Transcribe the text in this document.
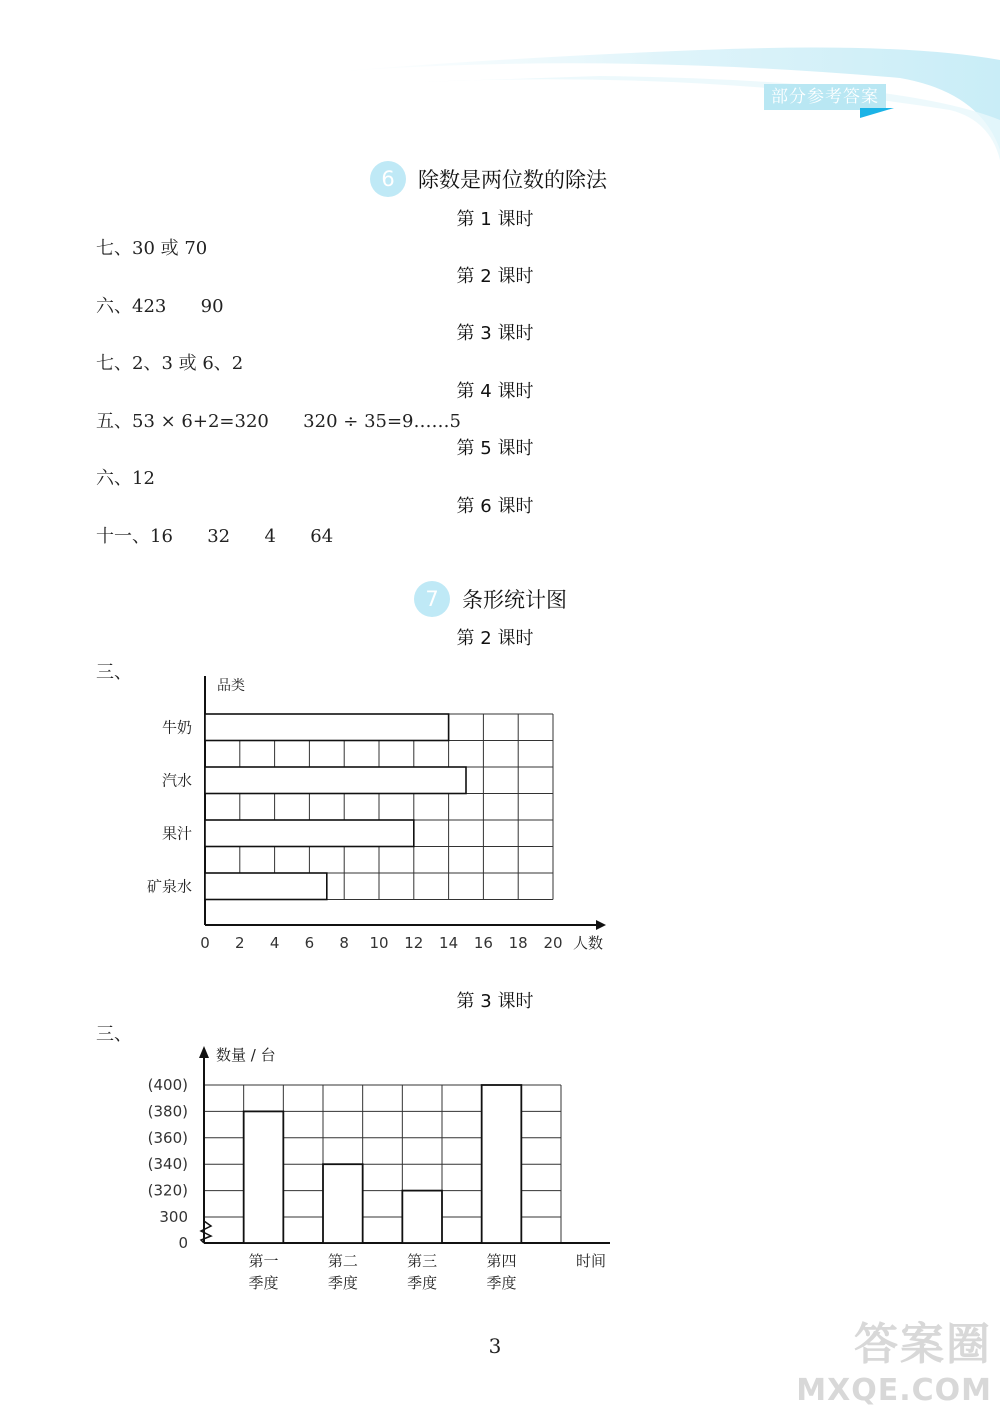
部分参考答案
6	除数是两位数的除法
第 1 课时
七、30 或 70
第 2 课时
六、423      90
第 3 课时
七、2、3 或 6、2
第 4 课时
五、53 × 6+2=320      320 ÷ 35=9……5
第 5 课时
六、12
第 6 课时
十一、16      32      4      64
7	条形统计图
第 2 课时
三、
品类
人数
牛奶
汽水
果汁
矿泉水
0 2 4 6 8 10 12 14 16 18 20
第 3 课时
三、
数量 / 台
时间
(400)
(380)
(360)
(340)
(320)
300
0
第一季度
第二季度
第三季度
第四季度
3	答案圈
MXQE.COM
